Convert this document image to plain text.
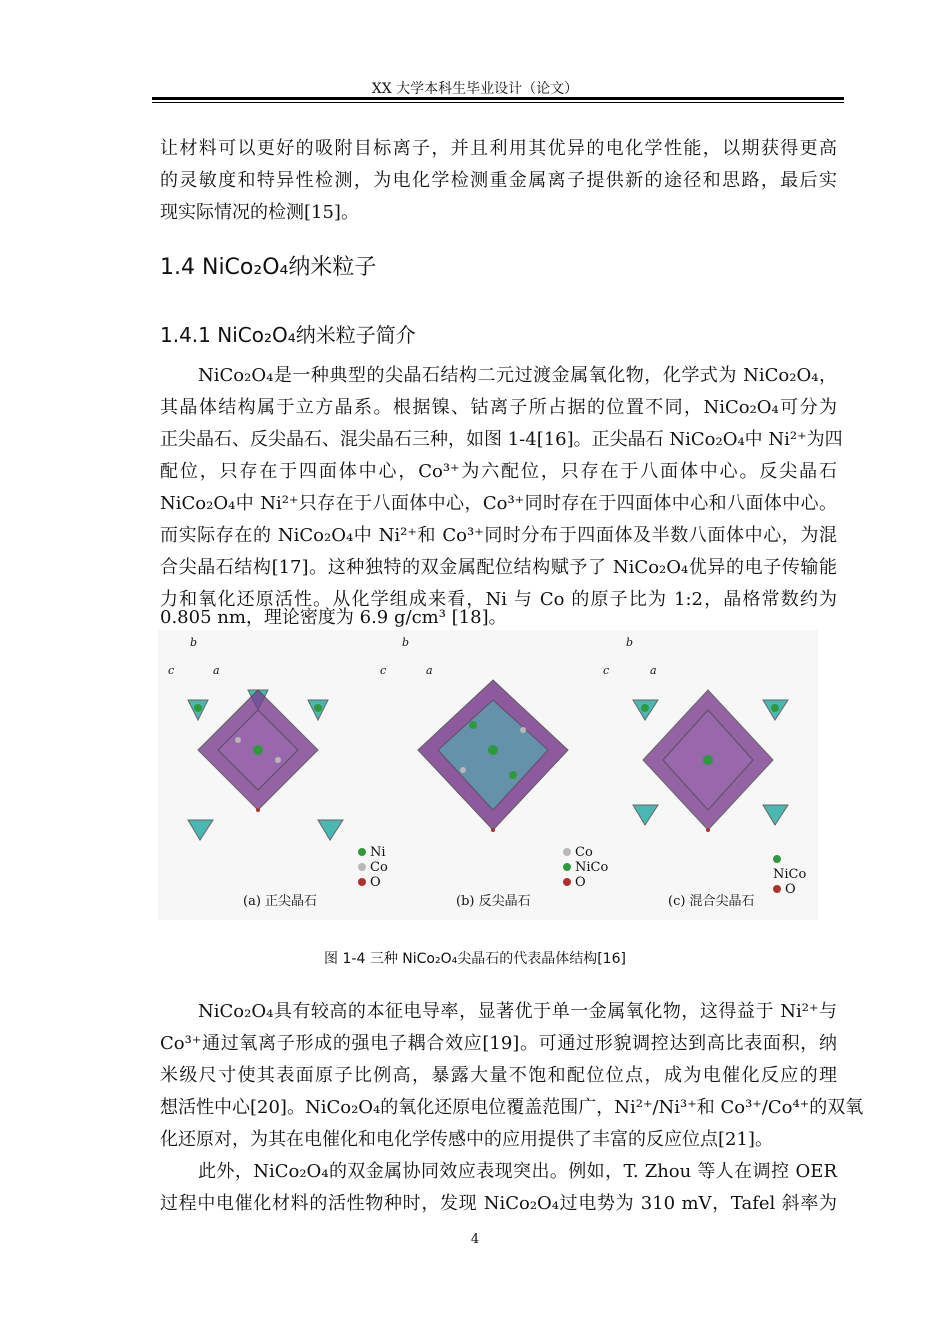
XX 大学本科生毕业设计（论文）
让材料可以更好的吸附目标离子，并且利用其优异的电化学性能，以期获得更高
的灵敏度和特异性检测，为电化学检测重金属离子提供新的途径和思路，最后实
现实际情况的检测[15]。
1.4 NiCo₂O₄纳米粒子
1.4.1 NiCo₂O₄纳米粒子简介
NiCo₂O₄是一种典型的尖晶石结构二元过渡金属氧化物，化学式为 NiCo₂O₄，
其晶体结构属于立方晶系。根据镍、钴离子所占据的位置不同，NiCo₂O₄可分为
正尖晶石、反尖晶石、混尖晶石三种，如图 1-4[16]。正尖晶石 NiCo₂O₄中 Ni²⁺为四
配位，只存在于四面体中心，Co³⁺为六配位，只存在于八面体中心。反尖晶石
NiCo₂O₄中 Ni²⁺只存在于八面体中心，Co³⁺同时存在于四面体中心和八面体中心。
而实际存在的 NiCo₂O₄中 Ni²⁺和 Co³⁺同时分布于四面体及半数八面体中心，为混
合尖晶石结构[17]。这种独特的双金属配位结构赋予了 NiCo₂O₄优异的电子传输能
力和氧化还原活性。从化学组成来看，Ni 与 Co 的原子比为 1:2，晶格常数约为
0.805 nm，理论密度为 6.9 g/cm³ [18]。
b
c	a
b
c	a
b
c	a
Ni
Co
O
Co
NiCo
O
NiCo
O
(a) 正尖晶石	(b) 反尖晶石	(c) 混合尖晶石
图 1-4 三种 NiCo₂O₄尖晶石的代表晶体结构[16]
NiCo₂O₄具有较高的本征电导率，显著优于单一金属氧化物，这得益于 Ni²⁺与
Co³⁺通过氧离子形成的强电子耦合效应[19]。可通过形貌调控达到高比表面积，纳
米级尺寸使其表面原子比例高，暴露大量不饱和配位位点，成为电催化反应的理
想活性中心[20]。NiCo₂O₄的氧化还原电位覆盖范围广，Ni²⁺/Ni³⁺和 Co³⁺/Co⁴⁺的双氧
化还原对，为其在电催化和电化学传感中的应用提供了丰富的反应位点[21]。
此外，NiCo₂O₄的双金属协同效应表现突出。例如，T. Zhou 等人在调控 OER
过程中电催化材料的活性物种时，发现 NiCo₂O₄过电势为 310 mV，Tafel 斜率为
4
